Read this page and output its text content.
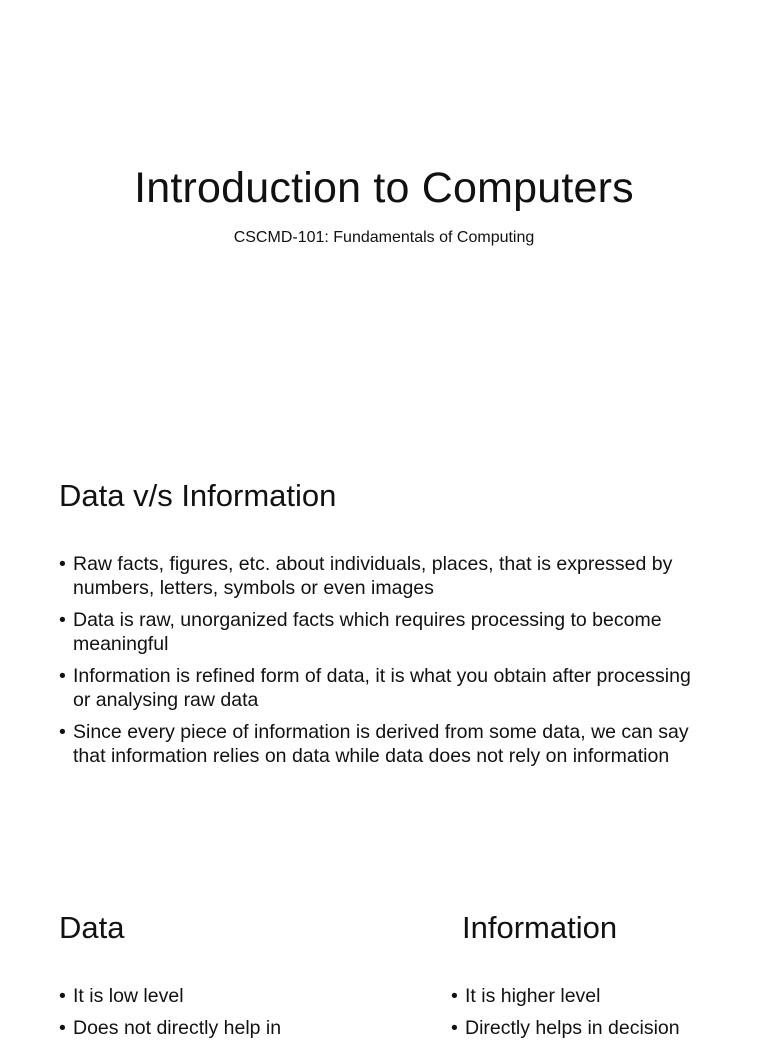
Introduction to Computers

CSCMD-101: Fundamentals of Computing

Data v/s Information
• Raw facts, figures, etc. about individuals, places, that is expressed by numbers, letters, symbols or even images
• Data is raw, unorganized facts which requires processing to become meaningful
• Information is refined form of data, it is what you obtain after processing or analysing raw data
• Since every piece of information is derived from some data, we can say that information relies on data while data does not rely on information
Data	Information
• It is low level
• Does not directly help in
• It is higher level
• Directly helps in decision
